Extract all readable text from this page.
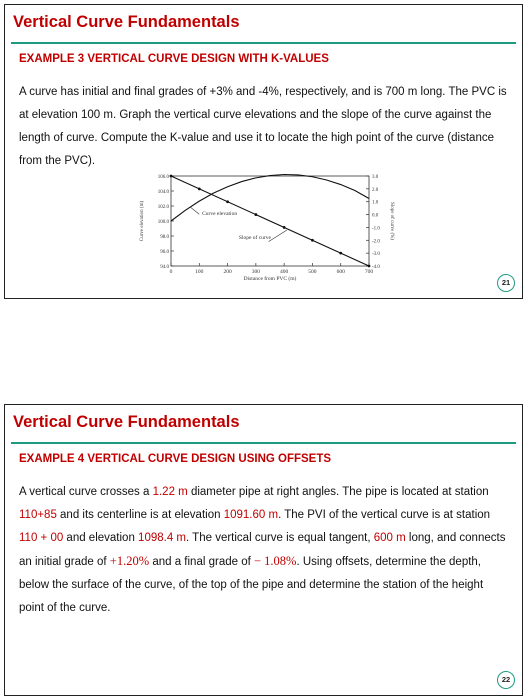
Vertical Curve Fundamentals
EXAMPLE 3 VERTICAL CURVE DESIGN WITH K-VALUES
A curve has initial and final grades of +3% and -4%, respectively, and is 700 m long. The PVC is at elevation 100 m. Graph the vertical curve elevations and the slope of the curve against the length of curve. Compute the K-value and use it to locate the high point of the curve (distance from the PVC).
21
0	100	200	300	400	500	600	700
94.0
96.0
98.0
100.0
102.0
104.0
106.0
-4.0
-3.0
-2.0
-1.0
0.0
1.0
2.0
3.0
Distance from PVC (m)
Curve elevation (m)	Slope of curve (%)
Curve elevation
Slope of curve
Vertical Curve Fundamentals
EXAMPLE 4 VERTICAL CURVE DESIGN USING OFFSETS
A vertical curve crosses a 1.22 m diameter pipe at right angles. The pipe is located at station 110+85 and its centerline is at elevation 1091.60 m. The PVI of the vertical curve is at station 110 + 00 and elevation 1098.4 m. The vertical curve is equal tangent, 600 m long, and connects an initial grade of +1.20% and a final grade of − 1.08%. Using offsets, determine the depth, below the surface of the curve, of the top of the pipe and determine the station of the height point of the curve.
22
